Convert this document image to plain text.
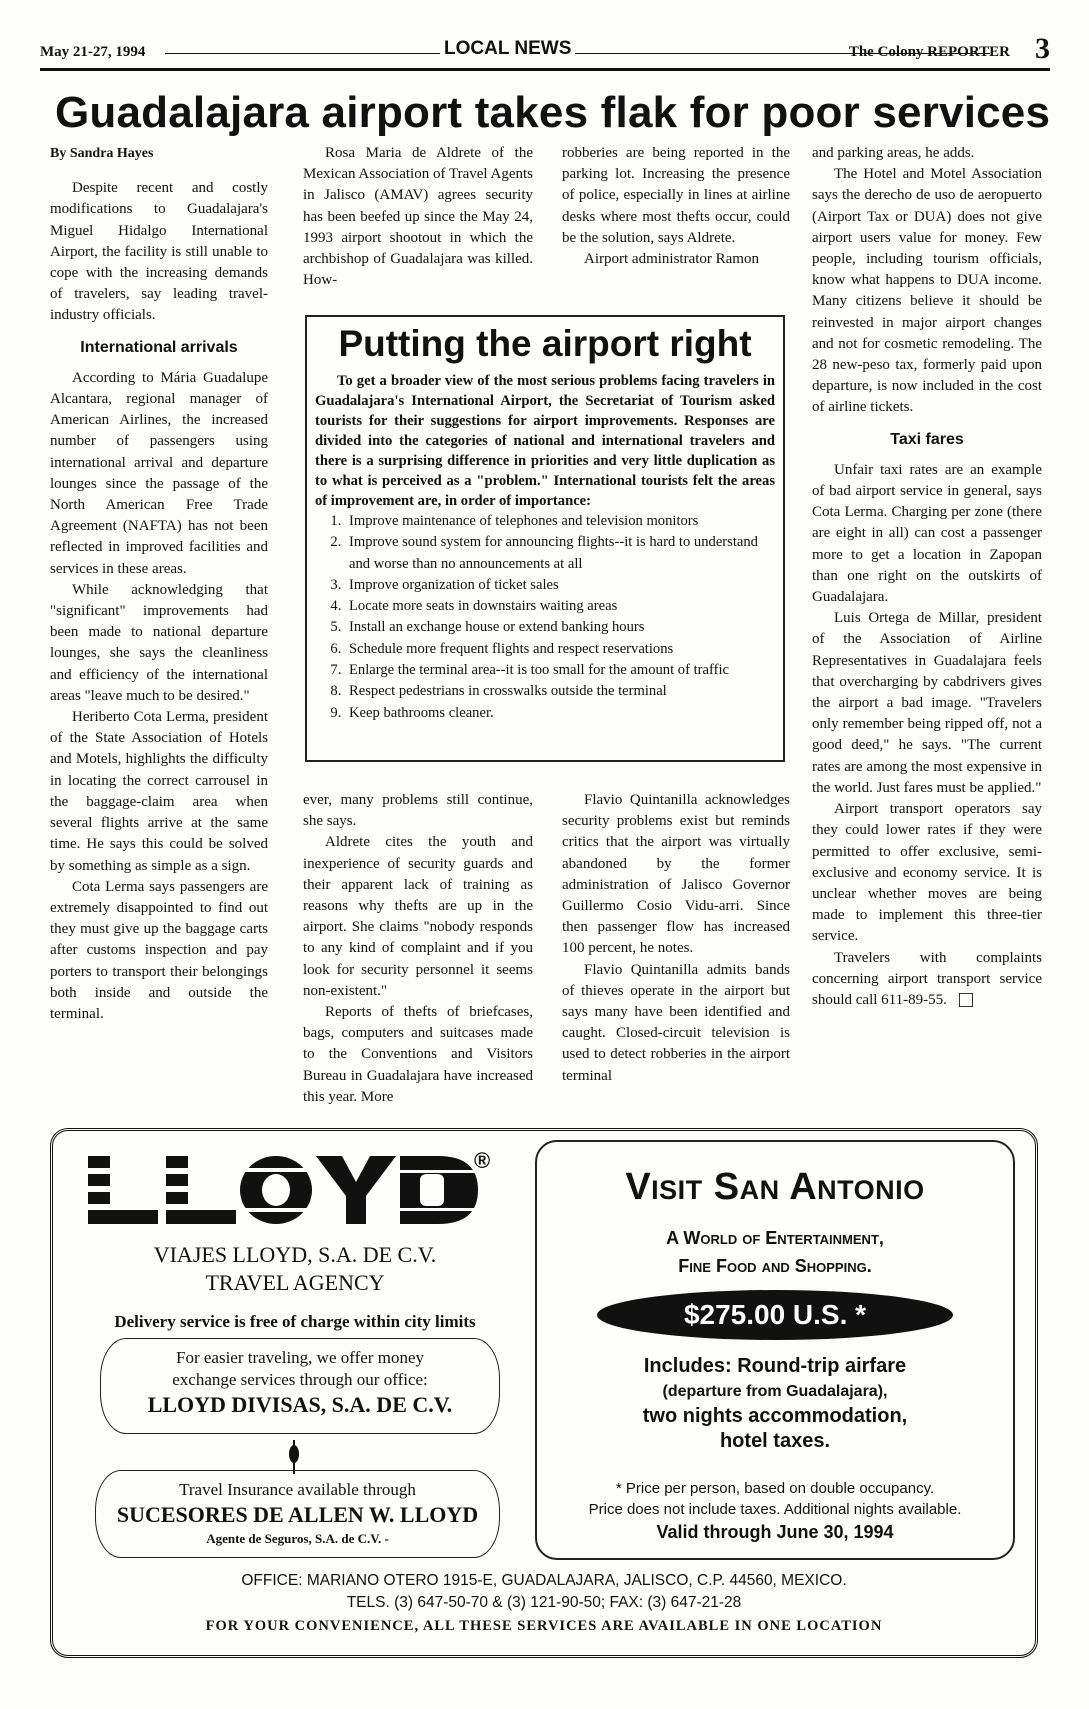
May 21-27, 1994	LOCAL NEWS	The Colony REPORTER 3
Guadalajara airport takes flak for poor services

By Sandra Hayes

Despite recent and costly modifications to Guadalajara's Miguel Hidalgo International Airport, the facility is still unable to cope with the increasing demands of travelers, say leading travel-industry officials.

International arrivals

According to Mária Guadalupe Alcantara, regional manager of American Airlines, the increased number of passengers using international arrival and departure lounges since the passage of the North American Free Trade Agreement (NAFTA) has not been reflected in improved facilities and services in these areas.

While acknowledging that "significant" improvements had been made to national departure lounges, she says the cleanliness and efficiency of the international areas "leave much to be desired."

Heriberto Cota Lerma, president of the State Association of Hotels and Motels, highlights the difficulty in locating the correct carrousel in the baggage-claim area when several flights arrive at the same time. He says this could be solved by something as simple as a sign.

Cota Lerma says passengers are extremely disappointed to find out they must give up the baggage carts after customs inspection and pay porters to transport their belongings both inside and outside the terminal.

Rosa Maria de Aldrete of the Mexican Association of Travel Agents in Jalisco (AMAV) agrees security has been beefed up since the May 24, 1993 airport shootout in which the archbishop of Guadalajara was killed. How-

robberies are being reported in the parking lot. Increasing the presence of police, especially in lines at airline desks where most thefts occur, could be the solution, says Aldrete.

Airport administrator Ramon

Putting the airport right

To get a broader view of the most serious problems facing travelers in Guadalajara's International Airport, the Secretariat of Tourism asked tourists for their suggestions for airport improvements. Responses are divided into the categories of national and international travelers and there is a surprising difference in priorities and very little duplication as to what is perceived as a "problem." International tourists felt the areas of improvement are, in order of importance:

1. Improve maintenance of telephones and television monitors
2. Improve sound system for announcing flights--it is hard to understand and worse than no announcements at all
3. Improve organization of ticket sales
4. Locate more seats in downstairs waiting areas
5. Install an exchange house or extend banking hours
6. Schedule more frequent flights and respect reservations
7. Enlarge the terminal area--it is too small for the amount of traffic
8. Respect pedestrians in crosswalks outside the terminal
9. Keep bathrooms cleaner.

ever, many problems still continue, she says.

Aldrete cites the youth and inexperience of security guards and their apparent lack of training as reasons why thefts are up in the airport. She claims "nobody responds to any kind of complaint and if you look for security personnel it seems non-existent."

Reports of thefts of briefcases, bags, computers and suitcases made to the Conventions and Visitors Bureau in Guadalajara have increased this year. More

Flavio Quintanilla acknowledges security problems exist but reminds critics that the airport was virtually abandoned by the former administration of Jalisco Governor Guillermo Cosio Vidu-arri. Since then passenger flow has increased 100 percent, he notes.

Flavio Quintanilla admits bands of thieves operate in the airport but says many have been identified and caught. Closed-circuit television is used to detect robberies in the airport terminal

and parking areas, he adds.

The Hotel and Motel Association says the derecho de uso de aeropuerto (Airport Tax or DUA) does not give airport users value for money. Few people, including tourism officials, know what happens to DUA income. Many citizens believe it should be reinvested in major airport changes and not for cosmetic remodeling. The 28 new-peso tax, formerly paid upon departure, is now included in the cost of airline tickets.

Taxi fares

Unfair taxi rates are an example of bad airport service in general, says Cota Lerma. Charging per zone (there are eight in all) can cost a passenger more to get a location in Zapopan than one right on the outskirts of Guadalajara.

Luis Ortega de Millar, president of the Association of Airline Representatives in Guadalajara feels that overcharging by cabdrivers gives the airport a bad image. "Travelers only remember being ripped off, not a good deed," he says. "The current rates are among the most expensive in the world. Just fares must be applied."

Airport transport operators say they could lower rates if they were permitted to offer exclusive, semi-exclusive and economy service. It is unclear whether moves are being made to implement this three-tier service.

Travelers with complaints concerning airport transport service should call 611-89-55.

®
VIAJES LLOYD, S.A. DE C.V.
TRAVEL AGENCY
Delivery service is free of charge within city limits
For easier traveling, we offer money
exchange services through our office:
LLOYD DIVISAS, S.A. DE C.V.
Travel Insurance available through
SUCESORES DE ALLEN W. LLOYD
Agente de Seguros, S.A. de C.V. -
Visit San Antonio
A World of Entertainment,
Fine Food and Shopping.
$275.00 U.S. *
Includes: Round-trip airfare
(departure from Guadalajara),
two nights accommodation,
hotel taxes.
* Price per person, based on double occupancy.
Price does not include taxes. Additional nights available.
Valid through June 30, 1994
OFFICE: MARIANO OTERO 1915-E, GUADALAJARA, JALISCO, C.P. 44560, MEXICO.
TELS. (3) 647-50-70 & (3) 121-90-50; FAX: (3) 647-21-28
FOR YOUR CONVENIENCE, ALL THESE SERVICES ARE AVAILABLE IN ONE LOCATION
